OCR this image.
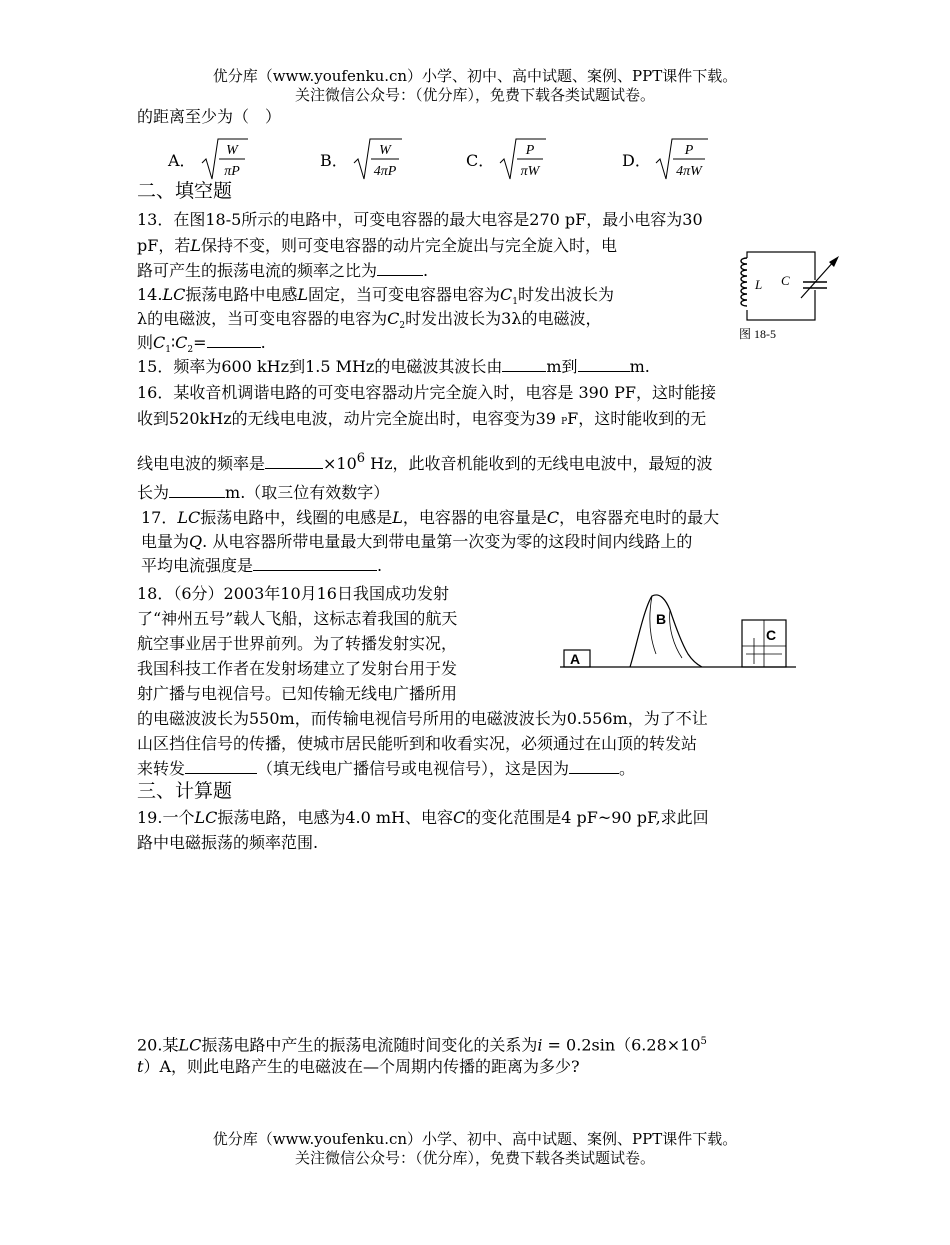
优分库（www.youfenku.cn）小学、初中、高中试题、案例、PPT课件下载。
关注微信公众号：（优分库），免费下载各类试题试卷。
的距离至少为（　）
A．
W
πP
B．
W
4πP
C．
P
πW
D．
P
4πW
二、填空题
13．在图18-5所示的电路中，可变电容器的最大电容是270 pF，最小电容为30
pF，若L保持不变，则可变电容器的动片完全旋出与完全旋入时，电
路可产生的振荡电流的频率之比为	.
L C
图 18-5
14.LC振荡电路中电感L固定，当可变电容器电容为$C_1$时发出波长为
λ的电磁波，当可变电容器的电容为$C_2$时发出波长为3λ的电磁波，
则$C_1∶C_2=$	.
15．频率为600 kHz到1.5 MHz的电磁波其波长由	m到	m.
16．某收音机调谐电路的可变电容器动片完全旋入时，电容是 390 PF，这时能接
收到520kHz的无线电电波，动片完全旋出时，电容变为39 PF，这时能收到的无
线电电波的频率是	$\times 10^6$ Hz，此收音机能收到的无线电电波中，最短的波
长为	m.（取三位有效数字）
17．LC振荡电路中，线圈的电感是L，电容器的电容量是C，电容器充电时的最大
电量为Q. 从电容器所带电量最大到带电量第一次变为零的这段时间内线路上的
平均电流强度是	.
18．（6分）2003年10月16日我国成功发射
了“神州五号”载人飞船，这标志着我国的航天
航空事业居于世界前列。为了转播发射实况，
我国科技工作者在发射场建立了发射台用于发
射广播与电视信号。已知传输无线电广播所用
的电磁波波长为550m，而传输电视信号所用的电磁波波长为0.556m，为了不让
山区挡住信号的传播，使城市居民能听到和收看实况，必须通过在山顶的转发站
来转发	（填无线电广播信号或电视信号），这是因为	。
A
B
C
三、计算题
19.一个LC振荡电路，电感为4.0 mH、电容C的变化范围是4 pF~90 pF,求此回
路中电磁振荡的频率范围.
20.某LC振荡电路中产生的振荡电流随时间变化的关系为$i = 0.2\sin(6.28\times 10^5$
t）A，则此电路产生的电磁波在—个周期内传播的距离为多少?
优分库（www.youfenku.cn）小学、初中、高中试题、案例、PPT课件下载。
关注微信公众号：（优分库），免费下载各类试题试卷。
